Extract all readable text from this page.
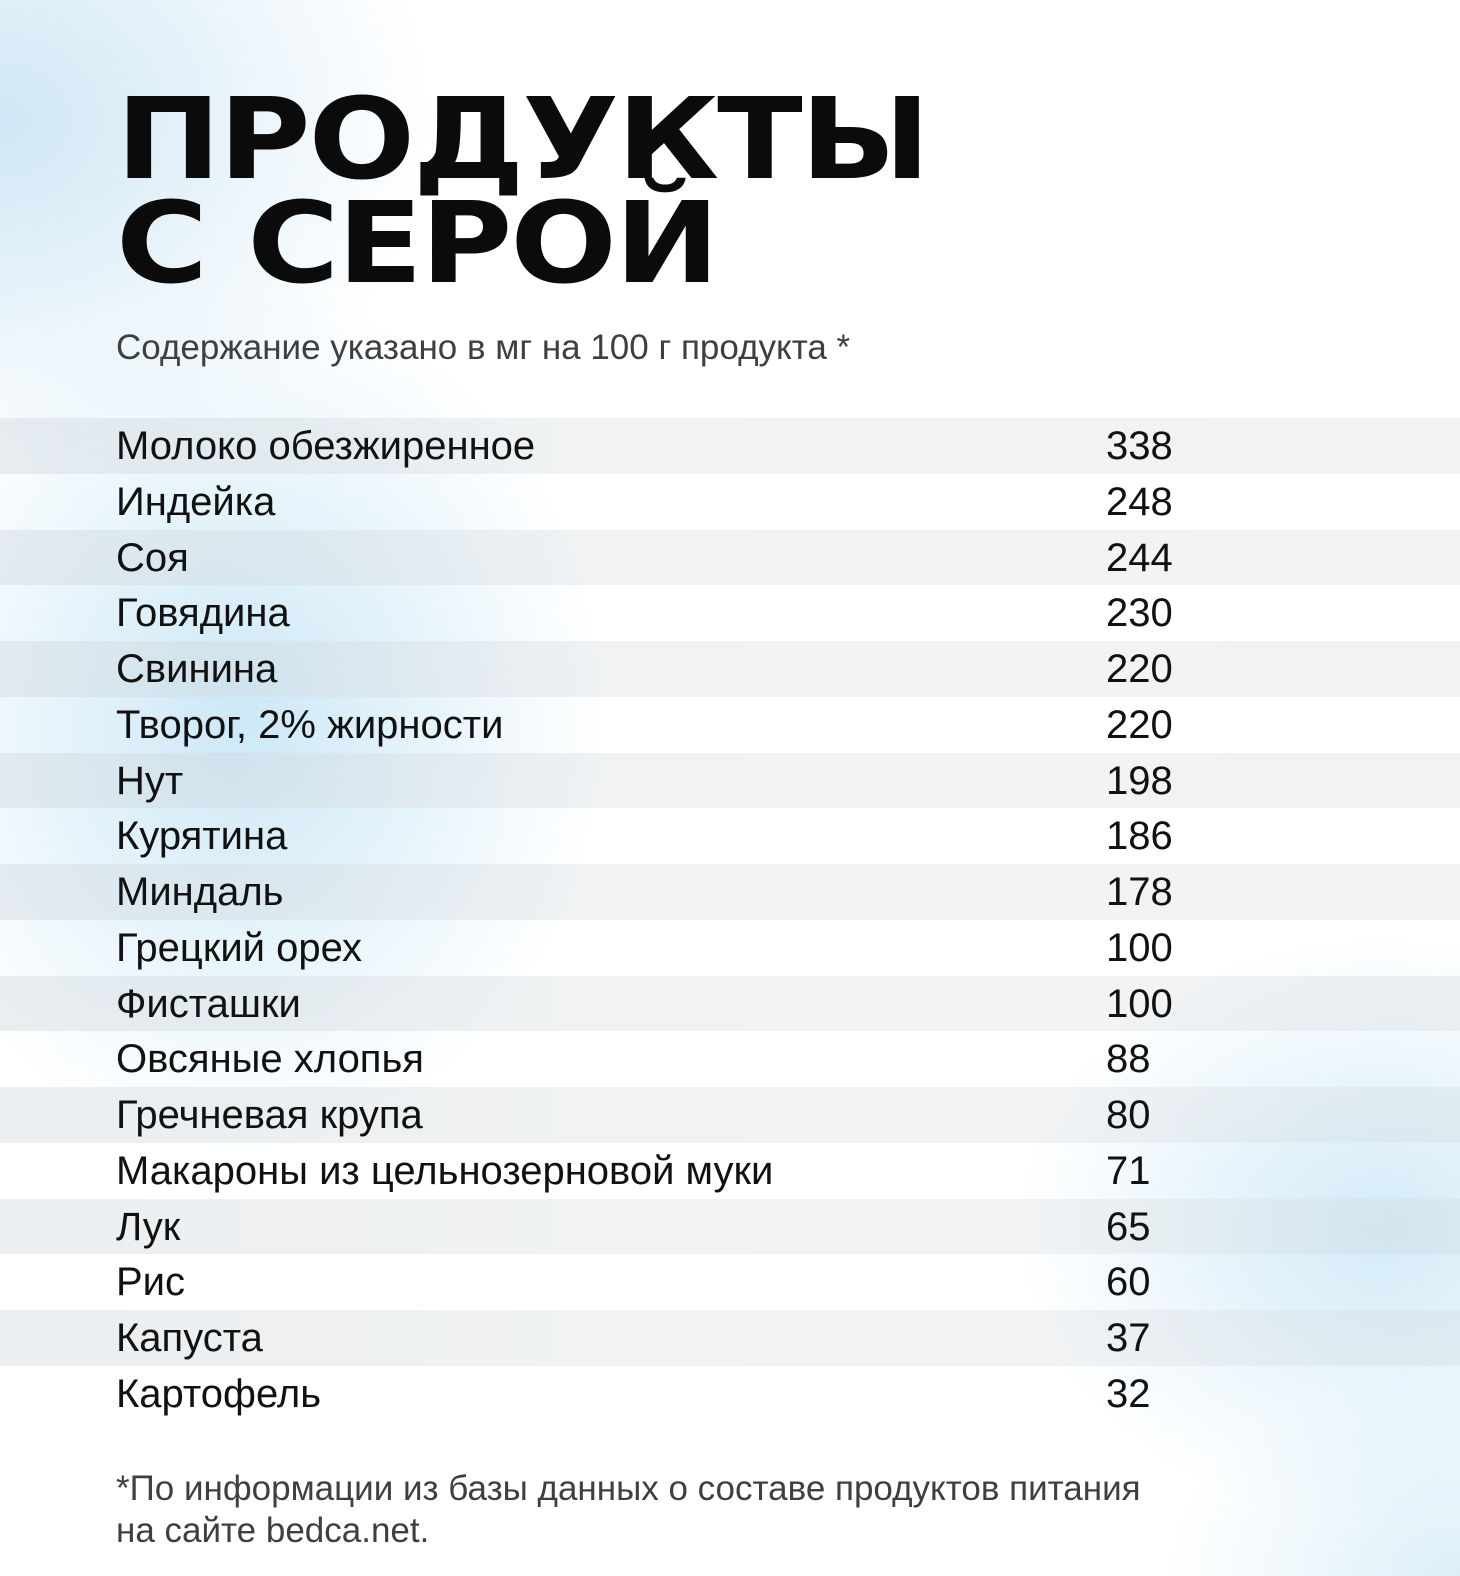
ПРОДУКТЫ
С СЕРОЙ
Содержание указано в мг на 100 г продукта *
Молоко обезжиренное	338
Индейка	248
Соя	244
Говядина	230
Свинина	220
Творог, 2% жирности	220
Нут	198
Курятина	186
Миндаль	178
Грецкий орех	100
Фисташки	100
Овсяные хлопья	88
Гречневая крупа	80
Макароны из цельнозерновой муки	71
Лук	65
Рис	60
Капуста	37
Картофель	32
*По информации из базы данных о составе продуктов питания
на сайте bedca.net.
